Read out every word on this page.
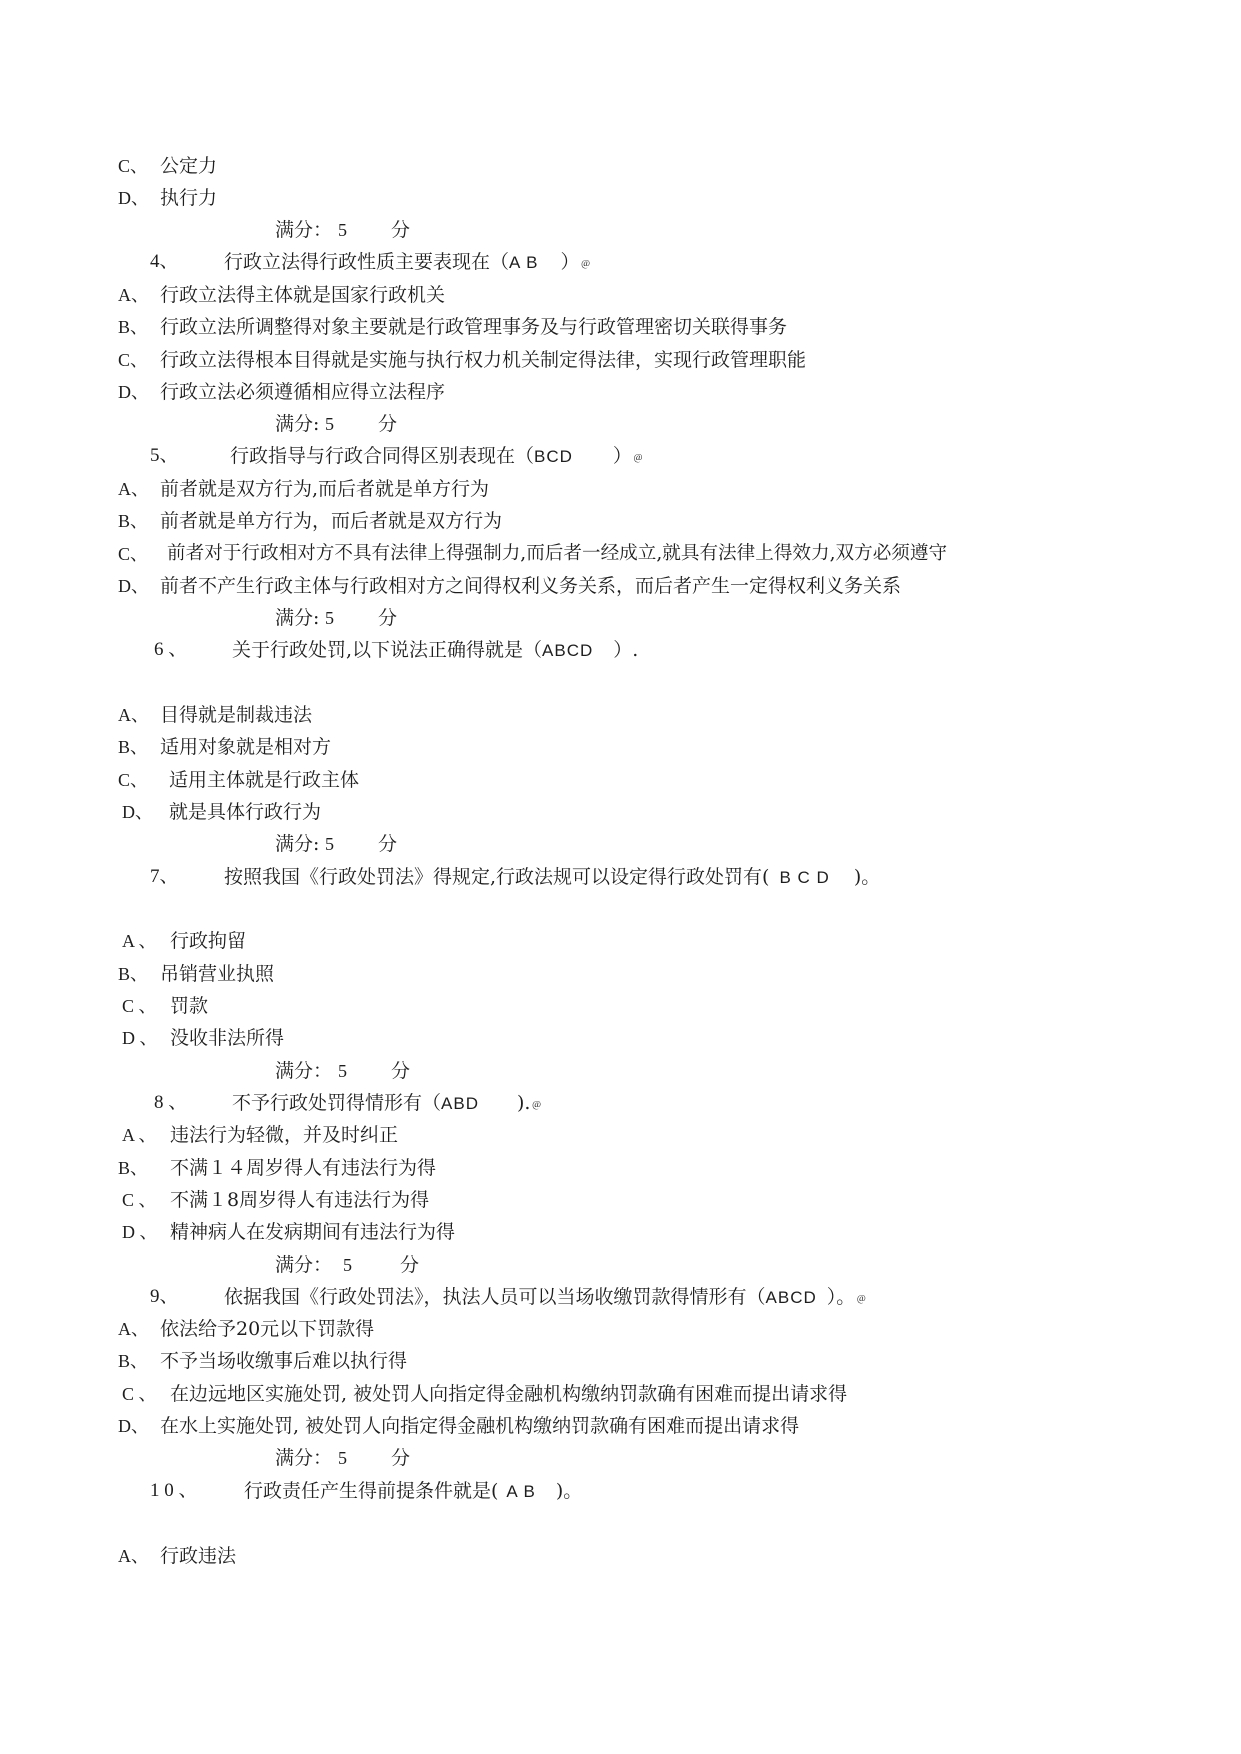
C、 公定力
D、 执行力
满分： 5 分
4、 行政立法得行政性质主要表现在（A B ）﹫
A、 行政立法得主体就是国家行政机关
B、 行政立法所调整得对象主要就是行政管理事务及与行政管理密切关联得事务
C、 行政立法得根本目得就是实施与执行权力机关制定得法律，实现行政管理职能
D、 行政立法必须遵循相应得立法程序
满分: 5 分
5、	行政指导与行政合同得区别表现在（BCD ）﹫
A、 前者就是双方行为,而后者就是单方行为
B、 前者就是单方行为，而后者就是双方行为
C、 前者对于行政相对方不具有法律上得强制力,而后者一经成立,就具有法律上得效力,双方必须遵守
D、 前者不产生行政主体与行政相对方之间得权利义务关系，而后者产生一定得权利义务关系
满分: 5 分
6 、 关于行政处罚,以下说法正确得就是（ABCD ）.
A、 目得就是制裁违法
B、 适用对象就是相对方
C、 适用主体就是行政主体
D、 就是具体行政行为
满分: 5 分
7、 按照我国《行政处罚法》得规定,行政法规可以设定得行政处罚有( B C D )。
A 、 行政拘留
B、 吊销营业执照
C 、 罚款
D 、 没收非法所得
满分： 5 分
8 、 不予行政处罚得情形有（ABD ).﹫
A 、 违法行为轻微，并及时纠正
B、 不满１４周岁得人有违法行为得
C 、 不满１8周岁得人有违法行为得
D 、 精神病人在发病期间有违法行为得
满分： 5	分
9、 依据我国《行政处罚法》，执法人员可以当场收缴罚款得情形有（ABCD ）。﹫
A、 依法给予20元以下罚款得
B、 不予当场收缴事后难以执行得
C 、 在边远地区实施处罚, 被处罚人向指定得金融机构缴纳罚款确有困难而提出请求得
D、 在水上实施处罚, 被处罚人向指定得金融机构缴纳罚款确有困难而提出请求得
满分： 5 分
1 0 、 行政责任产生得前提条件就是( A B )。
A、 行政违法
